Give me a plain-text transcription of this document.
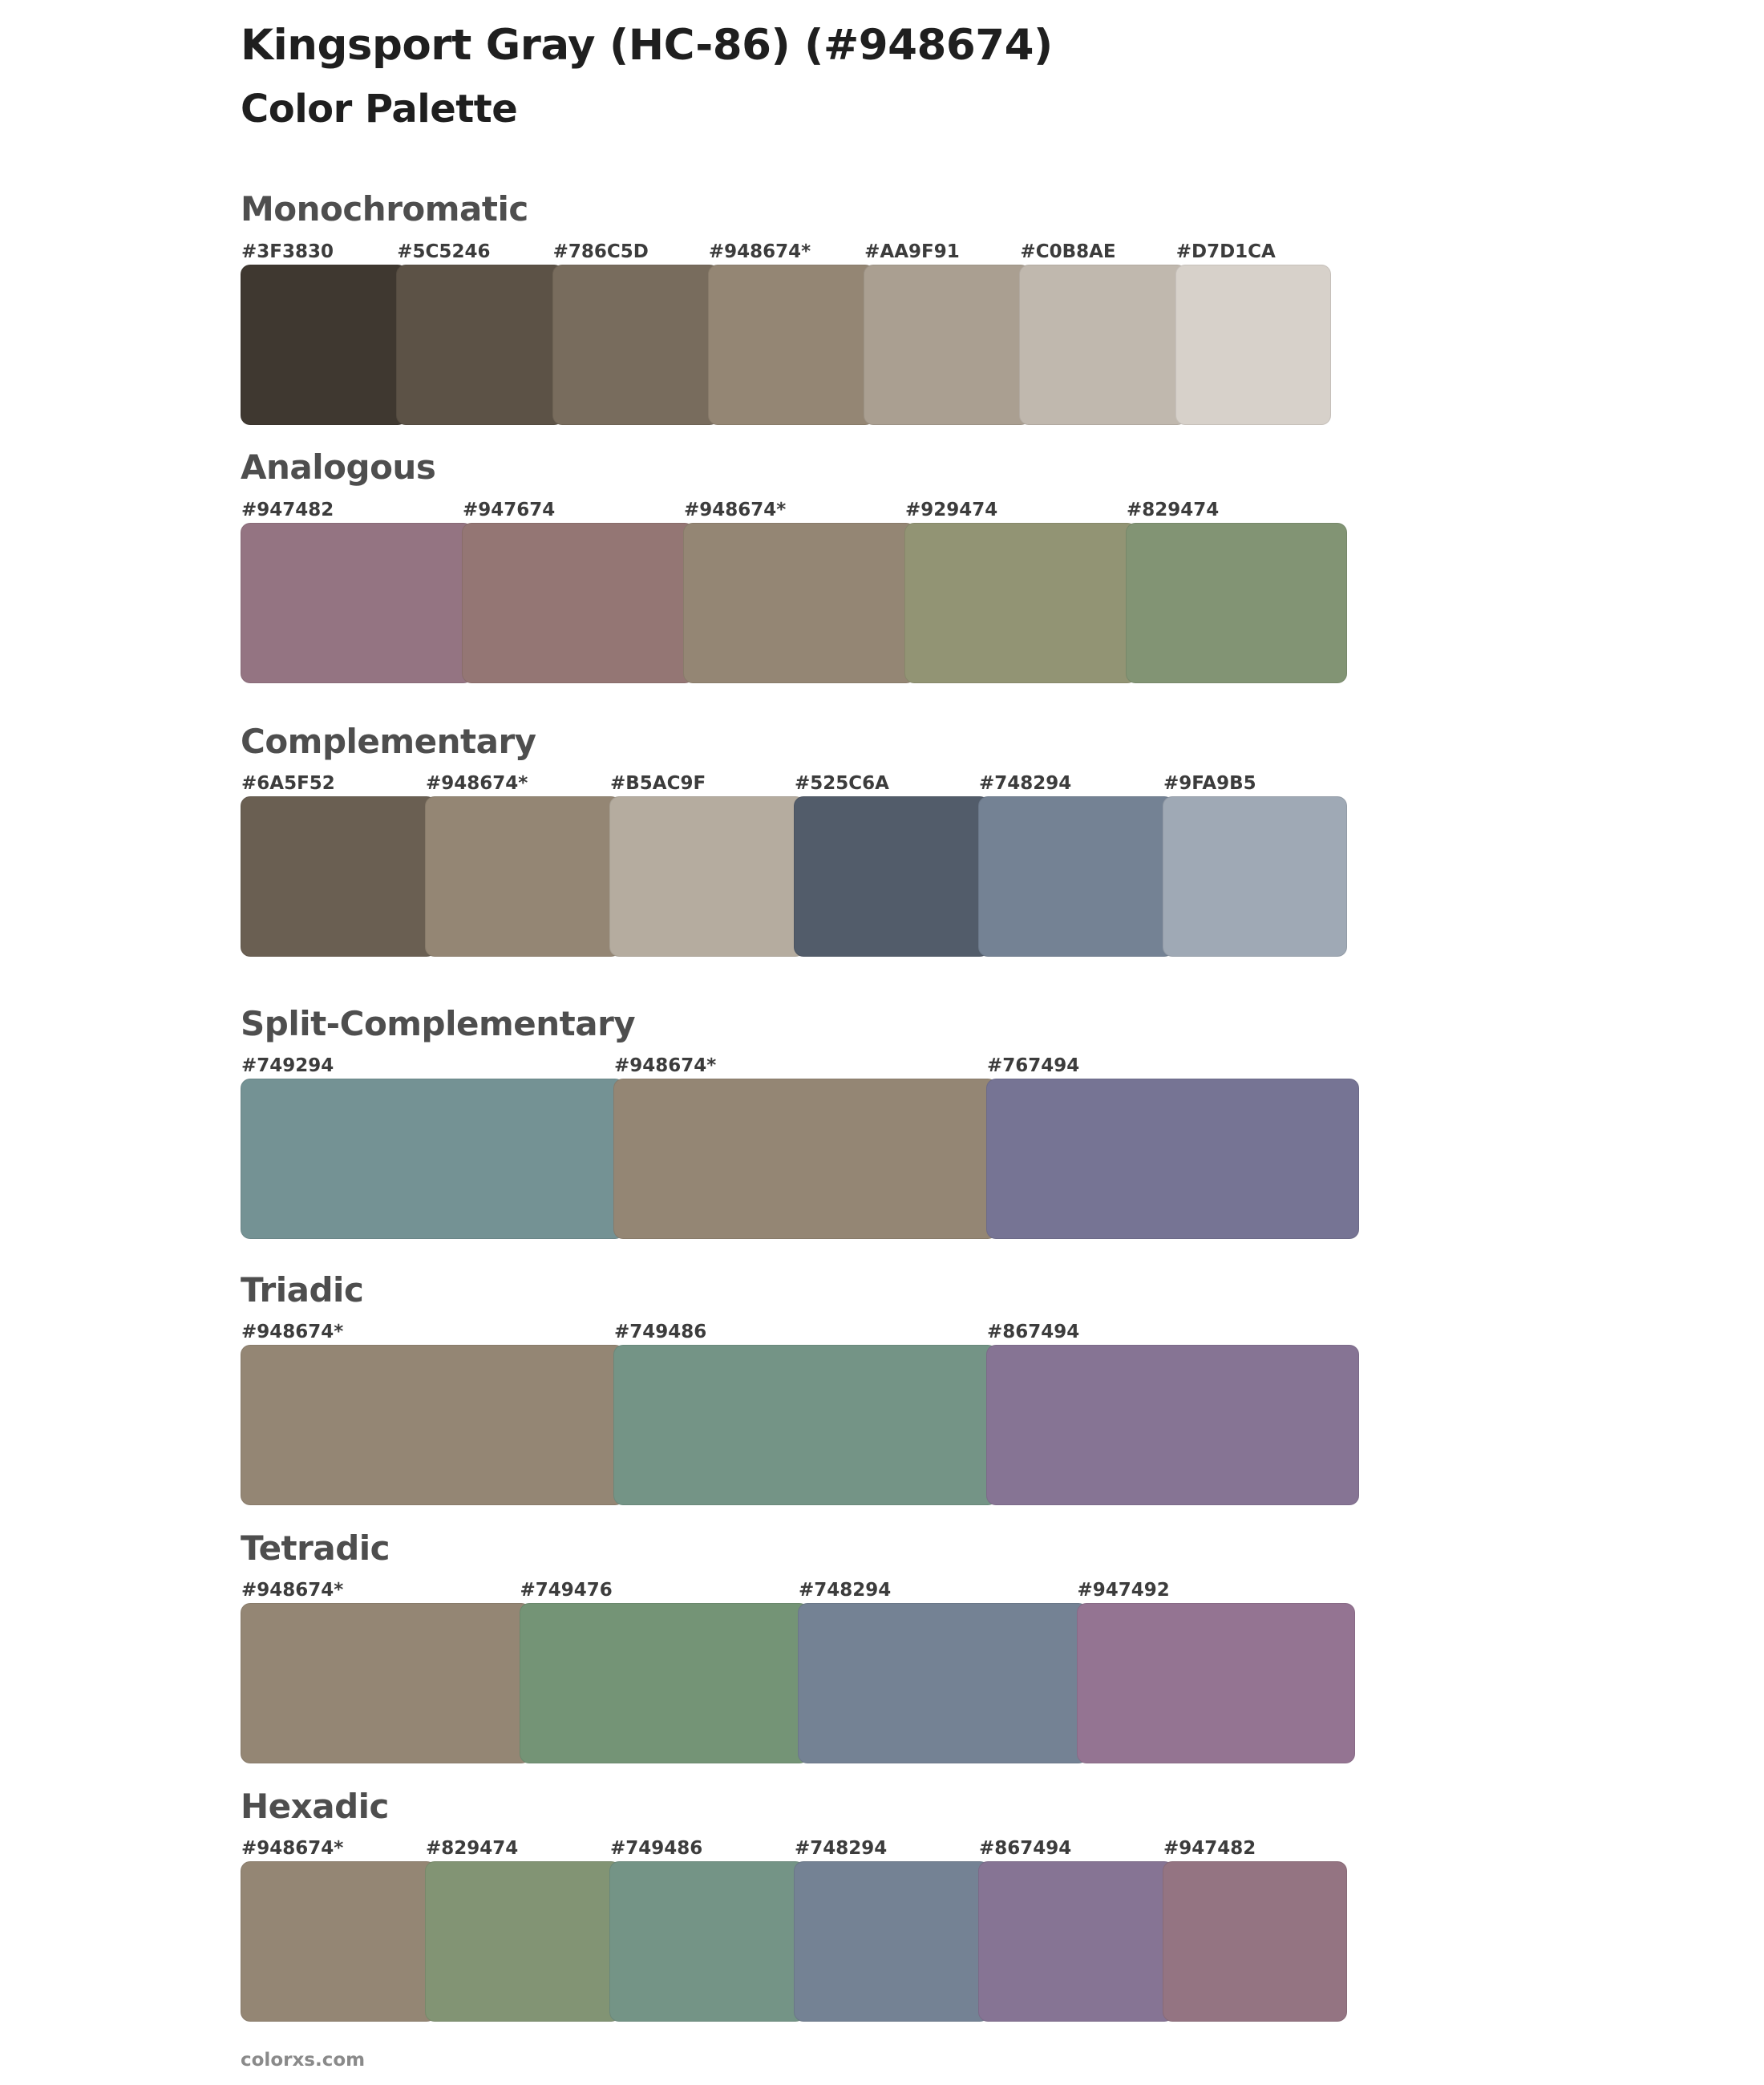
Kingsport Gray (HC-86) (#948674)
Color Palette
Monochromatic
#3F3830	#5C5246	#786C5D	#948674*	#AA9F91	#C0B8AE	#D7D1CA
Analogous
#947482	#947674	#948674*	#929474	#829474
Complementary
#6A5F52	#948674*	#B5AC9F	#525C6A	#748294	#9FA9B5
Split-Complementary
#749294	#948674*	#767494
Triadic
#948674*	#749486	#867494
Tetradic
#948674*	#749476	#748294	#947492
Hexadic
#948674*	#829474	#749486	#748294	#867494	#947482
colorxs.com
